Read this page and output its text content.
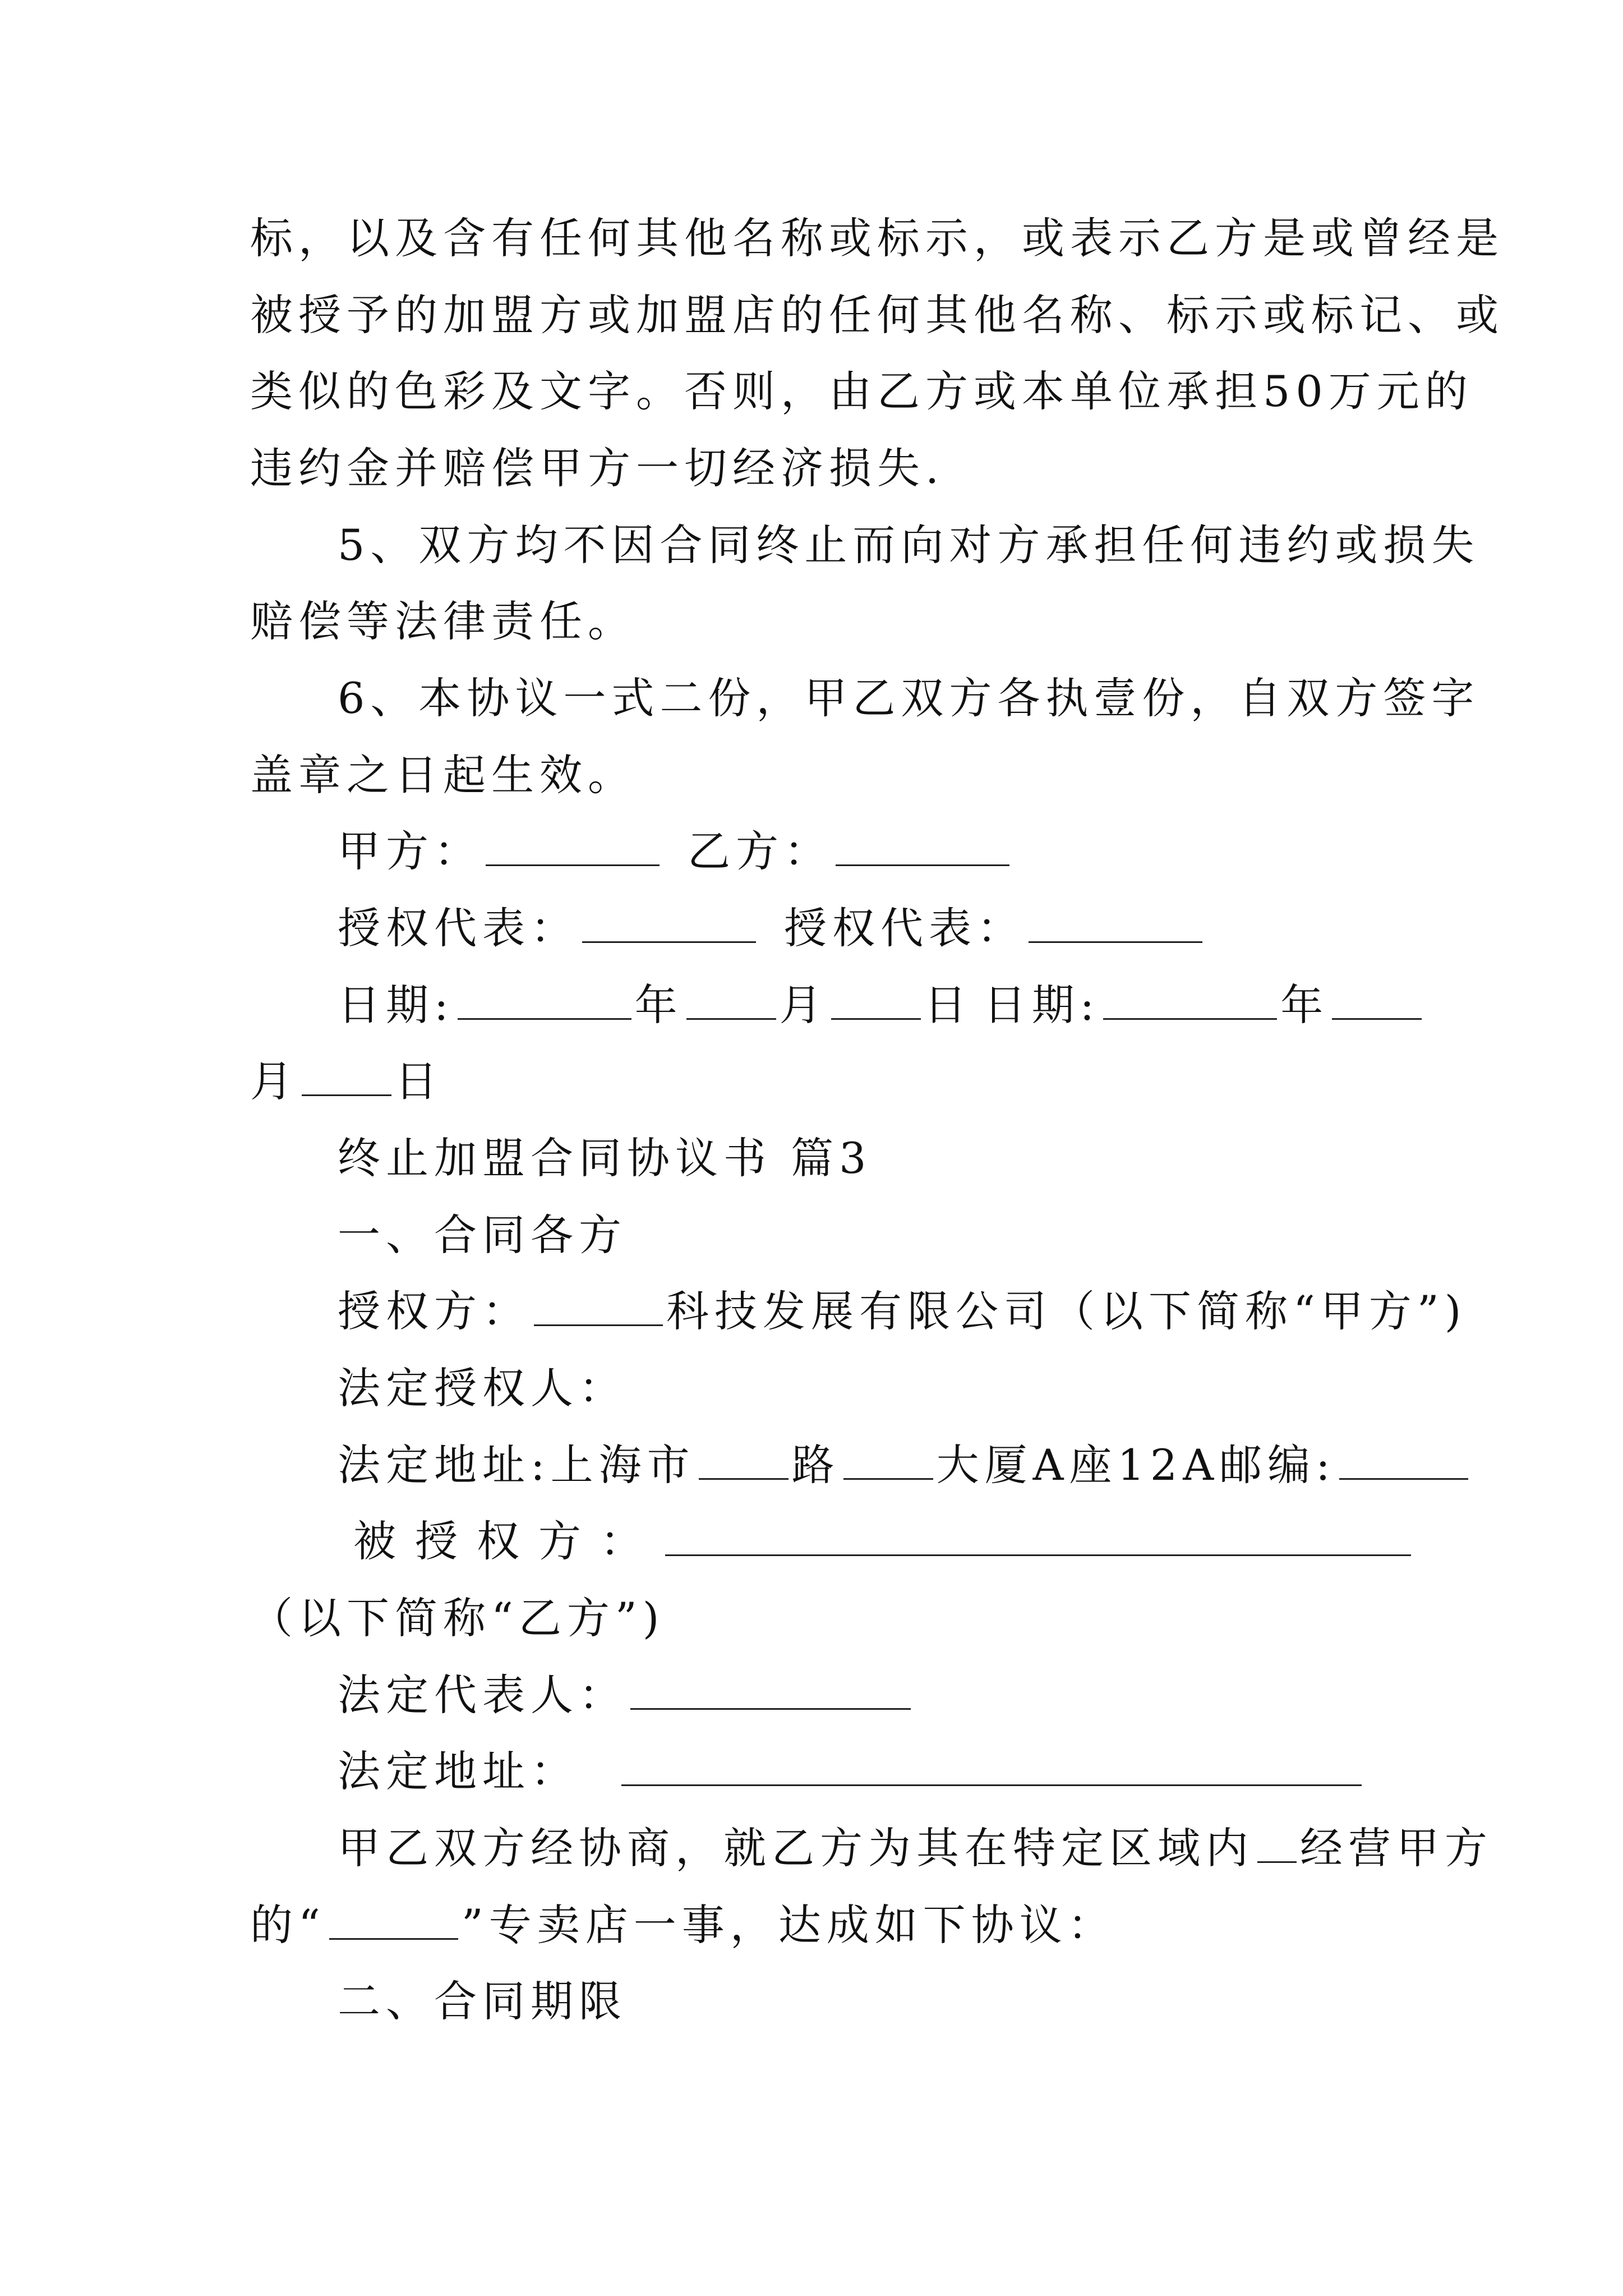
标，以及含有任何其他名称或标示，或表示乙方是或曾经是
被授予的加盟方或加盟店的任何其他名称、标示或标记、或
类似的色彩及文字。否则，由乙方或本单位承担50万元的
违约金并赔偿甲方一切经济损失.
5、双方均不因合同终止而向对方承担任何违约或损失
赔偿等法律责任。
6、本协议一式二份，甲乙双方各执壹份，自双方签字
盖章之日起生效。
甲方：	乙方：
授权代表：	授权代表：
日期:	年 月 日 日期:	年
月 日
终止加盟合同协议书 篇3
一、合同各方
授权方：	科技发展有限公司（以下简称“甲方”)
法定授权人：
法定地址:上海市 路 大厦A座12A邮编:
被授权方：
（以下简称“乙方”)
法定代表人：
法定地址：
甲乙双方经协商，就乙方为其在特定区域内 经营甲方
的“	”专卖店一事，达成如下协议：
二、合同期限
